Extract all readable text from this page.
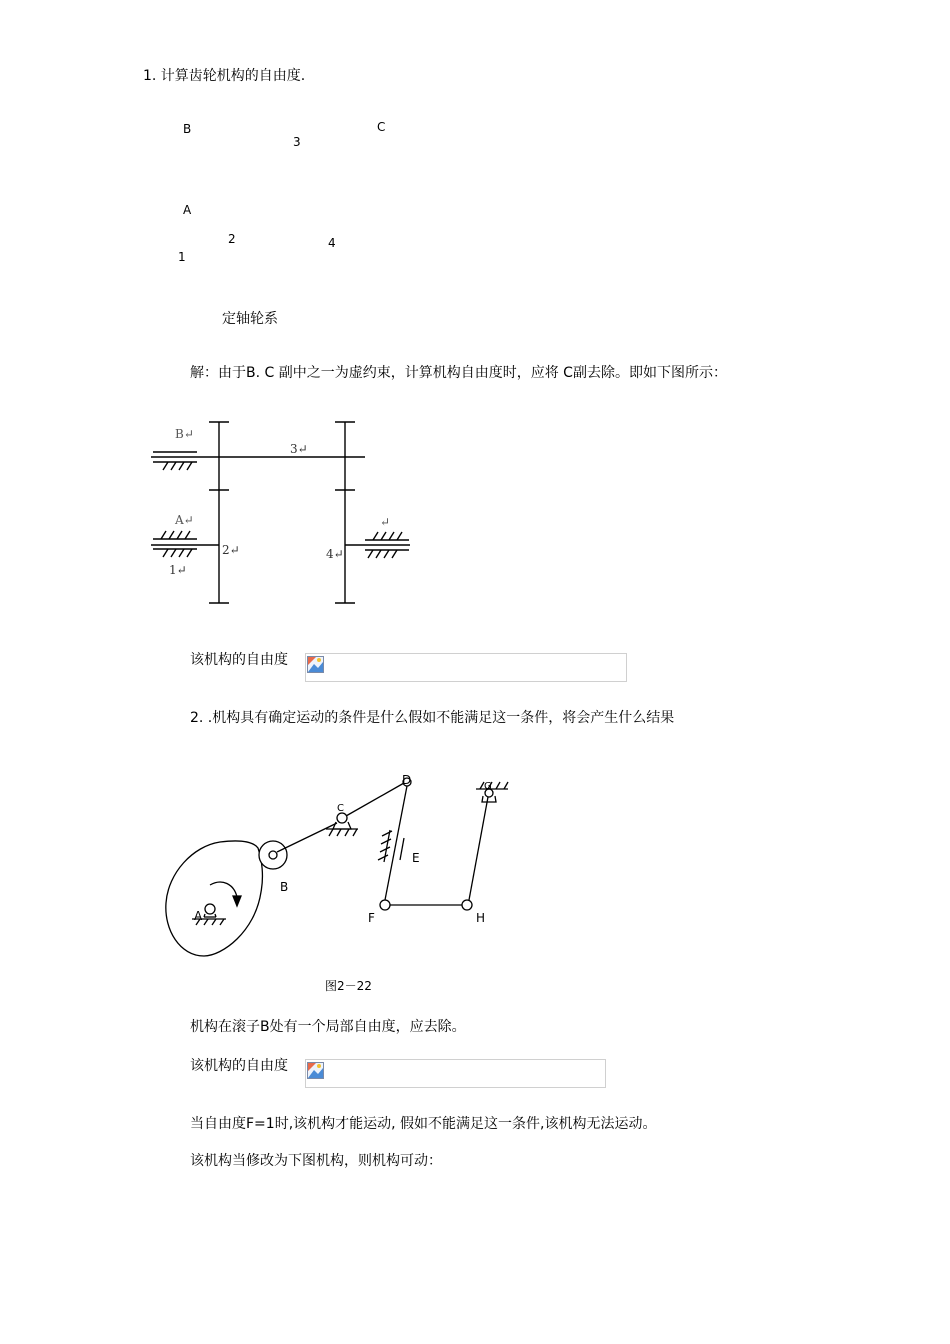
1. 计算齿轮机构的自由度.
B	C
3
A
2	4
1
定轴轮系
解：由于B. C 副中之一为虚约束，计算机构自由度时，应将 C副去除。即如下图所示：
B↵
3↵
A↵
2↵	4↵
1↵
↵
该机构的自由度
2. .机构具有确定运动的条件是什么假如不能满足这一条件，将会产生什么结果
D
C
G
E
B
A	F	H
图2－22
机构在滚子B处有一个局部自由度，应去除。
该机构的自由度
当自由度F=1时,该机构才能运动, 假如不能满足这一条件,该机构无法运动。
该机构当修改为下图机构，则机构可动：
